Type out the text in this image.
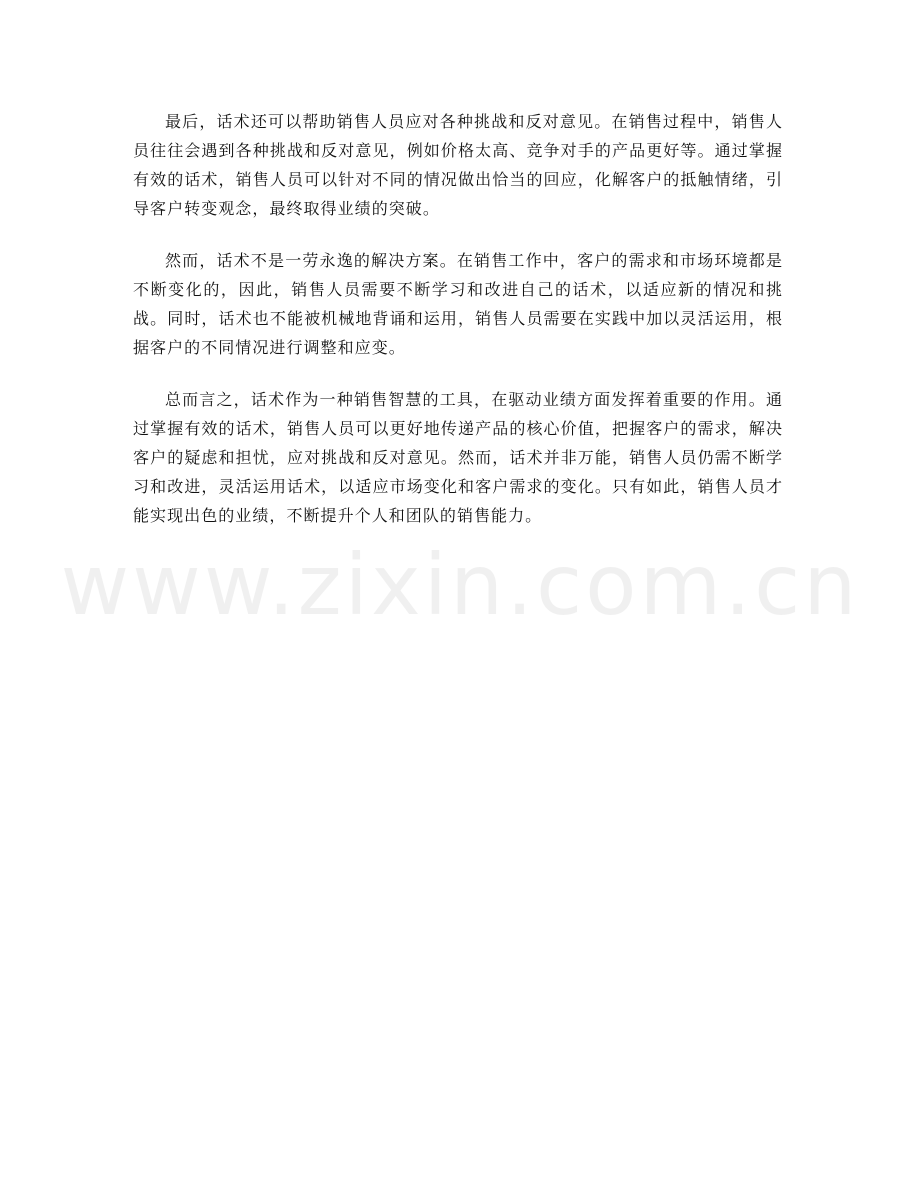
最后，话术还可以帮助销售人员应对各种挑战和反对意见。在销售过程中，销售人员往往会遇到各种挑战和反对意见，例如价格太高、竞争对手的产品更好等。通过掌握有效的话术，销售人员可以针对不同的情况做出恰当的回应，化解客户的抵触情绪，引导客户转变观念，最终取得业绩的突破。

然而，话术不是一劳永逸的解决方案。在销售工作中，客户的需求和市场环境都是不断变化的，因此，销售人员需要不断学习和改进自己的话术，以适应新的情况和挑战。同时，话术也不能被机械地背诵和运用，销售人员需要在实践中加以灵活运用，根据客户的不同情况进行调整和应变。

总而言之，话术作为一种销售智慧的工具，在驱动业绩方面发挥着重要的作用。通过掌握有效的话术，销售人员可以更好地传递产品的核心价值，把握客户的需求，解决客户的疑虑和担忧，应对挑战和反对意见。然而，话术并非万能，销售人员仍需不断学习和改进，灵活运用话术，以适应市场变化和客户需求的变化。只有如此，销售人员才能实现出色的业绩，不断提升个人和团队的销售能力。

www.zixin.com.cn
